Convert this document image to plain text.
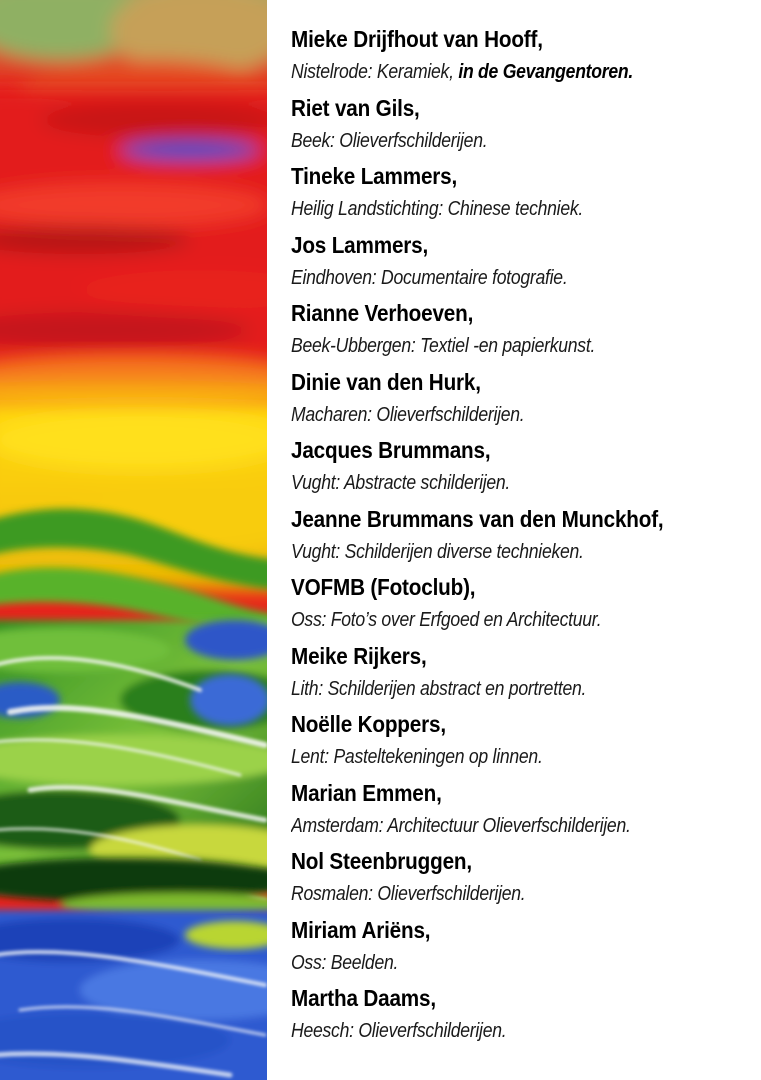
Mieke Drijfhout van Hooff,
Nistelrode: Keramiek, in de Gevangentoren.
Riet van Gils,
Beek: Olieverfschilderijen.
Tineke Lammers,
Heilig Landstichting: Chinese techniek.
Jos Lammers,
Eindhoven: Documentaire fotografie.
Rianne Verhoeven,
Beek-Ubbergen: Textiel -en papierkunst.
Dinie van den Hurk,
Macharen: Olieverfschilderijen.
Jacques Brummans,
Vught: Abstracte schilderijen.
Jeanne Brummans van den Munckhof,
Vught: Schilderijen diverse technieken.
VOFMB (Fotoclub),
Oss: Foto’s over Erfgoed en Architectuur.
Meike Rijkers,
Lith: Schilderijen abstract en portretten.
Noëlle Koppers,
Lent: Pasteltekeningen op linnen.
Marian Emmen,
Amsterdam: Architectuur Olieverfschilderijen.
Nol Steenbruggen,
Rosmalen: Olieverfschilderijen.
Miriam Ariëns,
Oss: Beelden.
Martha Daams,
Heesch: Olieverfschilderijen.
